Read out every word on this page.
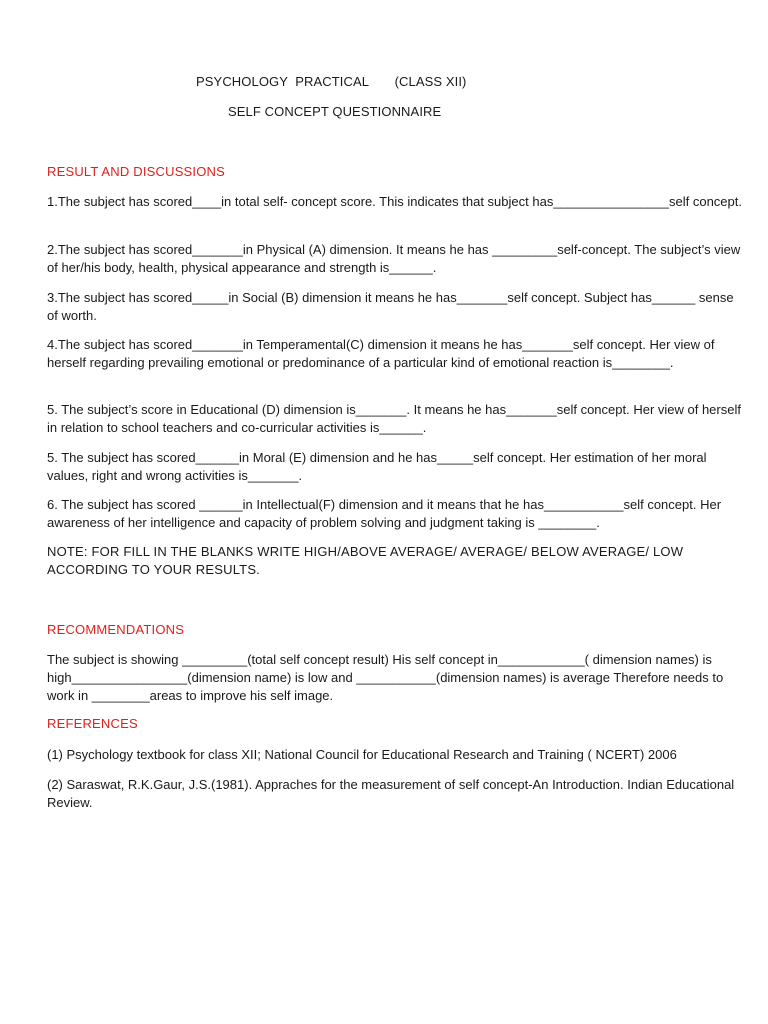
PSYCHOLOGY  PRACTICAL       (CLASS XII)
SELF CONCEPT QUESTIONNAIRE
RESULT AND DISCUSSIONS
1.The subject has scored____in total self- concept score. This indicates that subject has________________self concept.
2.The subject has scored_______in Physical (A) dimension. It means he has _________self-concept. The subject’s view of her/his body, health, physical appearance and strength is______.
3.The subject has scored_____in Social (B) dimension it means he has_______self concept. Subject has______ sense of worth.
4.The subject has scored_______in Temperamental(C) dimension it means he has_______self concept. Her view of herself regarding prevailing emotional or predominance of a particular kind of emotional reaction is________.
5. The subject’s score in Educational (D) dimension is_______. It means he has_______self concept. Her view of herself in relation to school teachers and co-curricular activities is______.
5. The subject has scored______in Moral (E) dimension and he has_____self concept. Her estimation of her moral values, right and wrong activities is_______.
6. The subject has scored ______in Intellectual(F) dimension and it means that he has___________self concept. Her awareness of her intelligence and capacity of problem solving and judgment taking is ________.
NOTE: FOR FILL IN THE BLANKS WRITE HIGH/ABOVE AVERAGE/ AVERAGE/ BELOW AVERAGE/ LOW ACCORDING TO YOUR RESULTS.
RECOMMENDATIONS
The subject is showing _________(total self concept result) His self concept in____________( dimension names) is high________________(dimension name) is low and ___________(dimension names) is average Therefore needs to work in ________areas to improve his self image.
REFERENCES
(1) Psychology textbook for class XII; National Council for Educational Research and Training ( NCERT) 2006
(2) Saraswat, R.K.Gaur, J.S.(1981). Appraches for the measurement of self concept-An Introduction. Indian Educational Review.
